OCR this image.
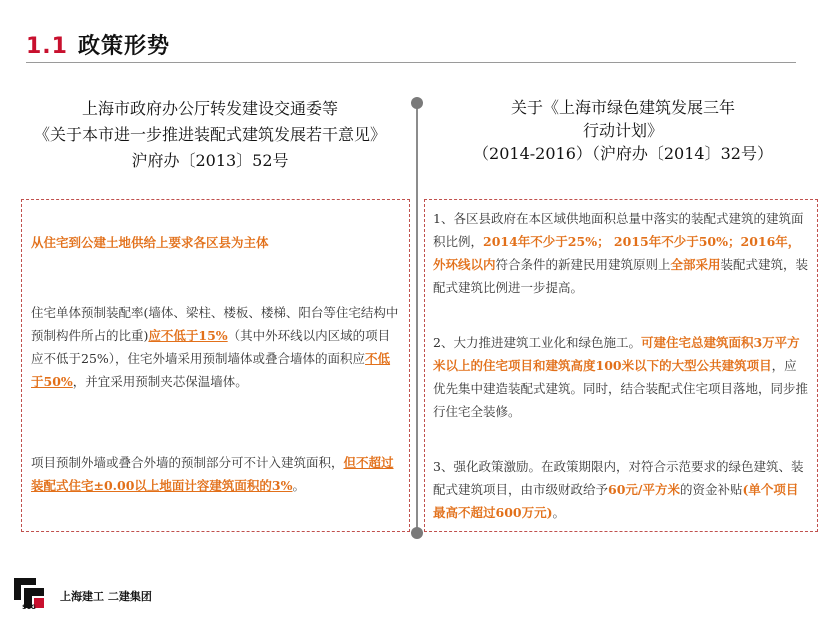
1.1 政策形势
上海市政府办公厅转发建设交通委等
《关于本市进一步推进装配式建筑发展若干意见》
沪府办〔2013〕52号
关于《上海市绿色建筑发展三年
行动计划》
（2014-2016）（沪府办〔2014〕32号）
从住宅到公建土地供给上要求各区县为主体
住宅单体预制装配率(墙体、梁柱、楼板、楼梯、阳台等住宅结构中预制构件所占的比重)应不低于15%（其中外环线以内区域的项目应不低于25%），住宅外墙采用预制墙体或叠合墙体的面积应不低于50%，并宜采用预制夹芯保温墙体。
项目预制外墙或叠合外墙的预制部分可不计入建筑面积，但不超过装配式住宅±0.00以上地面计容建筑面积的3%。
1、各区县政府在本区域供地面积总量中落实的装配式建筑的建筑面积比例，2014年不少于25%； 2015年不少于50%；2016年，外环线以内符合条件的新建民用建筑原则上全部采用装配式建筑，装配式建筑比例进一步提高。
2、大力推进建筑工业化和绿色施工。可建住宅总建筑面积3万平方米以上的住宅项目和建筑高度100米以下的大型公共建筑项目，应优先集中建造装配式建筑。同时，结合装配式住宅项目落地，同步推行住宅全装修。
3、强化政策激励。在政策期限内，对符合示范要求的绿色建筑、装配式建筑项目，由市级财政给予60元/平方米的资金补贴(单个项目最高不超过600万元)。
SCG
上海建工 二建集团
